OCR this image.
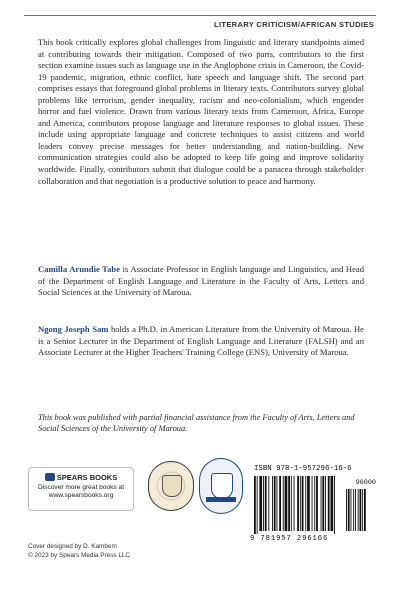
LITERARY CRITICISM/AFRICAN STUDIES

This book critically explores global challenges from linguistic and literary standpoints aimed at contributing towards their mitigation. Composed of two parts, contributors to the first section examine issues such as language use in the Anglophone crisis in Cameroon, the Covid-19 pandemic, migration, ethnic conflict, hate speech and language shift. The second part comprises essays that foreground global problems in literary texts. Contributors survey global problems like terrorism, gender inequality, racism and neo-colonialism, which engender horror and fuel violence. Drawn from various literary texts from Cameroon, Africa, Europe and America, contributors propose language and literature responses to global issues. These include using appropriate language and concrete techniques to assist citizens and world leaders convey precise messages for better understanding and nation-building. New communication strategies could also be adopted to keep life going and improve solidarity worldwide. Finally, contributors submit that dialogue could be a panacea through stakeholder collaboration and that negotiation is a productive solution to peace and harmony.

Camilla Arundie Tabe is Associate Professor in English language and Linguistics, and Head of the Department of English Language and Literature in the Faculty of Arts, Letters and Social Sciences at the University of Maroua.

Ngong Joseph Sam holds a Ph.D. in American Literature from the University of Maroua. He is a Senior Lecturer in the Department of English Language and Literature (FALSH) and an Associate Lecturer at the Higher Teachers' Training College (ENS), University of Maroua.

This book was published with partial financial assistance from the Faculty of Arts, Letters and Social Sciences of the University of Maroua.

SPEARS BOOKS
Discover more great books at
www.spearsbooks.org
ISBN 978-1-957296-16-6
90000
9 781957 296166
Cover designed by D. Kambem
© 2023 by Spears Media Press LLC
